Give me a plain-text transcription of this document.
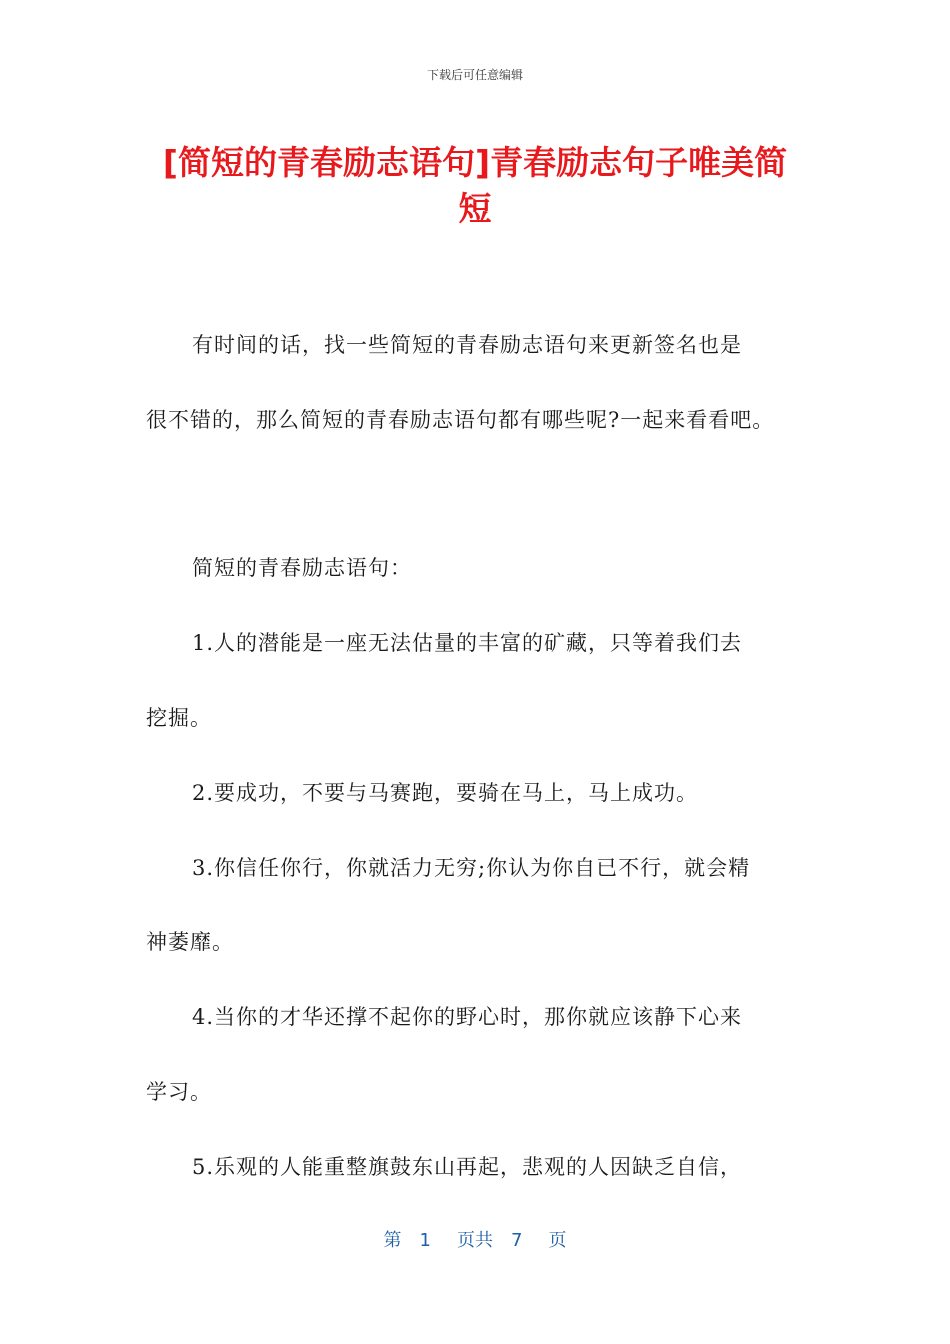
下载后可任意编辑
[简短的青春励志语句]青春励志句子唯美简
短
有时间的话，找一些简短的青春励志语句来更新签名也是
很不错的，那么简短的青春励志语句都有哪些呢?一起来看看吧。
简短的青春励志语句：
1.人的潜能是一座无法估量的丰富的矿藏，只等着我们去
挖掘。
2.要成功，不要与马赛跑，要骑在马上，马上成功。
3.你信任你行，你就活力无穷;你认为你自已不行，就会精
神萎靡。
4.当你的才华还撑不起你的野心时，那你就应该静下心来
学习。
5.乐观的人能重整旗鼓东山再起，悲观的人因缺乏自信，
第 1 页共 7 页
